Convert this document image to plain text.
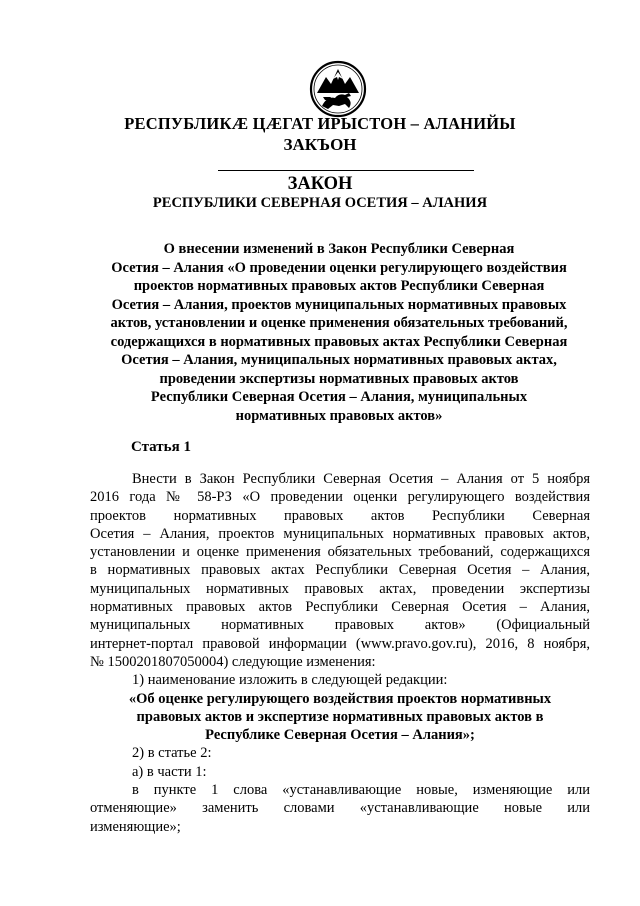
РЕСПУБЛИКӔ ЦӔГАТ ИРЫСТОН – АЛАНИЙЫ
ЗАКЪОН
ЗАКОН
РЕСПУБЛИКИ СЕВЕРНАЯ ОСЕТИЯ – АЛАНИЯ
О внесении изменений в Закон Республики Северная
Осетия – Алания «О проведении оценки регулирующего воздействия
проектов нормативных правовых актов Республики Северная
Осетия – Алания, проектов муниципальных нормативных правовых
актов, установлении и оценке применения обязательных требований,
содержащихся в нормативных правовых актах Республики Северная
Осетия – Алания, муниципальных нормативных правовых актах,
проведении экспертизы нормативных правовых актов
Республики Северная Осетия – Алания, муниципальных
нормативных правовых актов»
Статья 1
Внести в Закон Республики Северная Осетия – Алания от 5 ноября
2016 года № 58-РЗ «О проведении оценки регулирующего воздействия
проектов нормативных правовых актов Республики Северная
Осетия – Алания, проектов муниципальных нормативных правовых актов,
установлении и оценке применения обязательных требований, содержащихся
в нормативных правовых актах Республики Северная Осетия – Алания,
муниципальных нормативных правовых актах, проведении экспертизы
нормативных правовых актов Республики Северная Осетия – Алания,
муниципальных нормативных правовых актов» (Официальный
интернет-портал правовой информации (www.pravo.gov.ru), 2016, 8 ноября,
№ 1500201807050004) следующие изменения:
1) наименование изложить в следующей редакции:
«Об оценке регулирующего воздействия проектов нормативных
правовых актов и экспертизе нормативных правовых актов в
Республике Северная Осетия – Алания»;
2) в статье 2:
а) в части 1:
в пункте 1 слова «устанавливающие новые, изменяющие или
отменяющие» заменить словами «устанавливающие новые или
изменяющие»;
